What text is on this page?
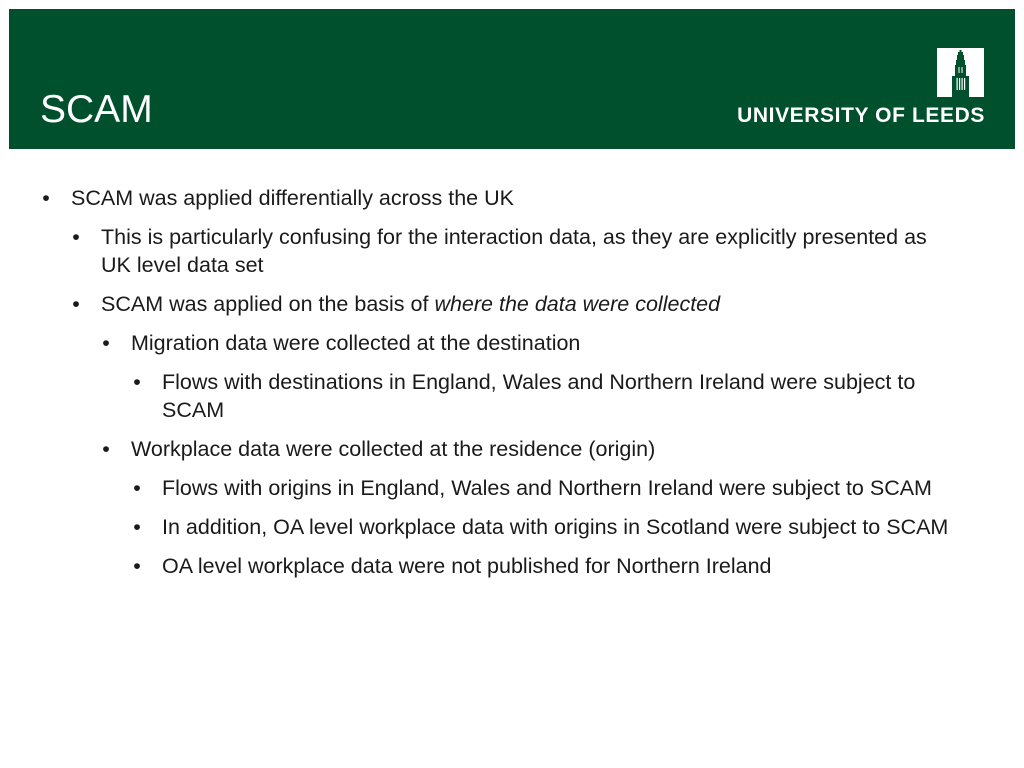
SCAM	UNIVERSITY OF LEEDS
• SCAM was applied differentially across the UK
• This is particularly confusing for the interaction data, as they are explicitly presented as UK level data set
• SCAM was applied on the basis of where the data were collected
• Migration data were collected at the destination
• Flows with destinations in England, Wales and Northern Ireland were subject to SCAM
• Workplace data were collected at the residence (origin)
• Flows with origins in England, Wales and Northern Ireland were subject to SCAM
• In addition, OA level workplace data with origins in Scotland were subject to SCAM
• OA level workplace data were not published for Northern Ireland
